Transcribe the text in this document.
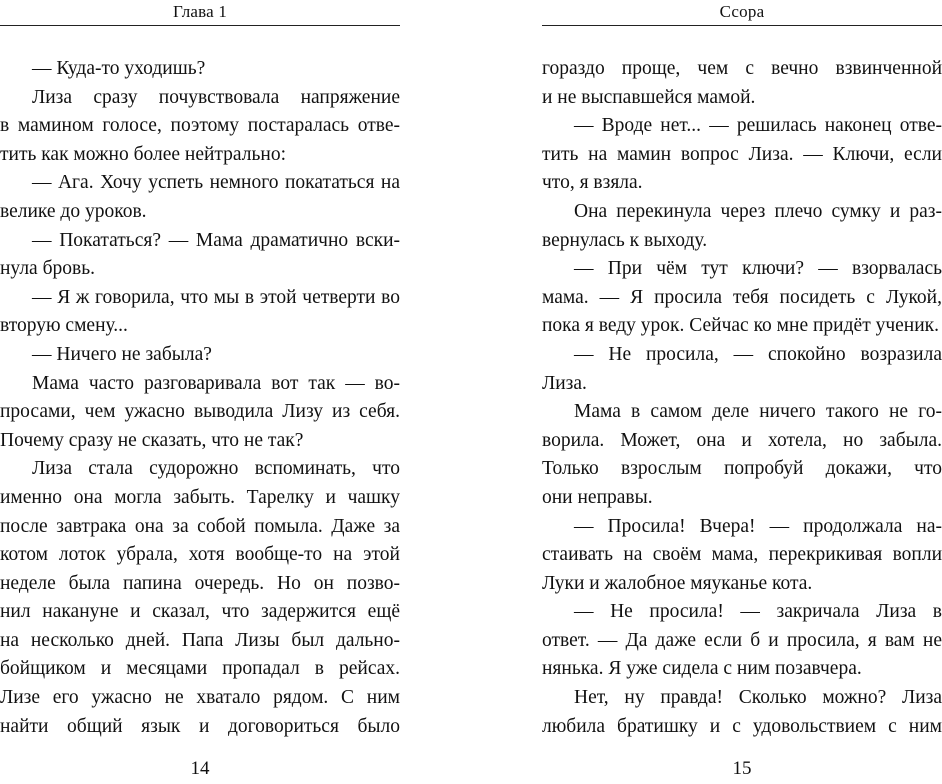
Глава 1
— Куда-то уходишь?
Лиза сразу почувствовала напряжение
в мамином голосе, поэтому постаралась отве-
тить как можно более нейтрально:
— Ага. Хочу успеть немного покататься на
велике до уроков.
— Покататься? — Мама драматично вски-
нула бровь.
— Я ж говорила, что мы в этой четверти во
вторую смену...
— Ничего не забыла?
Мама часто разговаривала вот так — во-
просами, чем ужасно выводила Лизу из себя.
Почему сразу не сказать, что не так?
Лиза стала судорожно вспоминать, что
именно она могла забыть. Тарелку и чашку
после завтрака она за собой помыла. Даже за
котом лоток убрала, хотя вообще-то на этой
неделе была папина очередь. Но он позво-
нил накануне и сказал, что задержится ещё
на несколько дней. Папа Лизы был дально-
бойщиком и месяцами пропадал в рейсах.
Лизе его ужасно не хватало рядом. С ним
найти общий язык и договориться было
14
Ссора
гораздо проще, чем с вечно взвинченной
и не выспавшейся мамой.
— Вроде нет... — решилась наконец отве-
тить на мамин вопрос Лиза. — Ключи, если
что, я взяла.
Она перекинула через плечо сумку и раз-
вернулась к выходу.
— При чём тут ключи? — взорвалась
мама. — Я просила тебя посидеть с Лукой,
пока я веду урок. Сейчас ко мне придёт ученик.
— Не просила, — спокойно возразила
Лиза.
Мама в самом деле ничего такого не го-
ворила. Может, она и хотела, но забыла.
Только взрослым попробуй докажи, что
они неправы.
— Просила! Вчера! — продолжала на-
стаивать на своём мама, перекрикивая вопли
Луки и жалобное мяуканье кота.
— Не просила! — закричала Лиза в
ответ. — Да даже если б и просила, я вам не
нянька. Я уже сидела с ним позавчера.
Нет, ну правда! Сколько можно? Лиза
любила братишку и с удовольствием с ним
15
